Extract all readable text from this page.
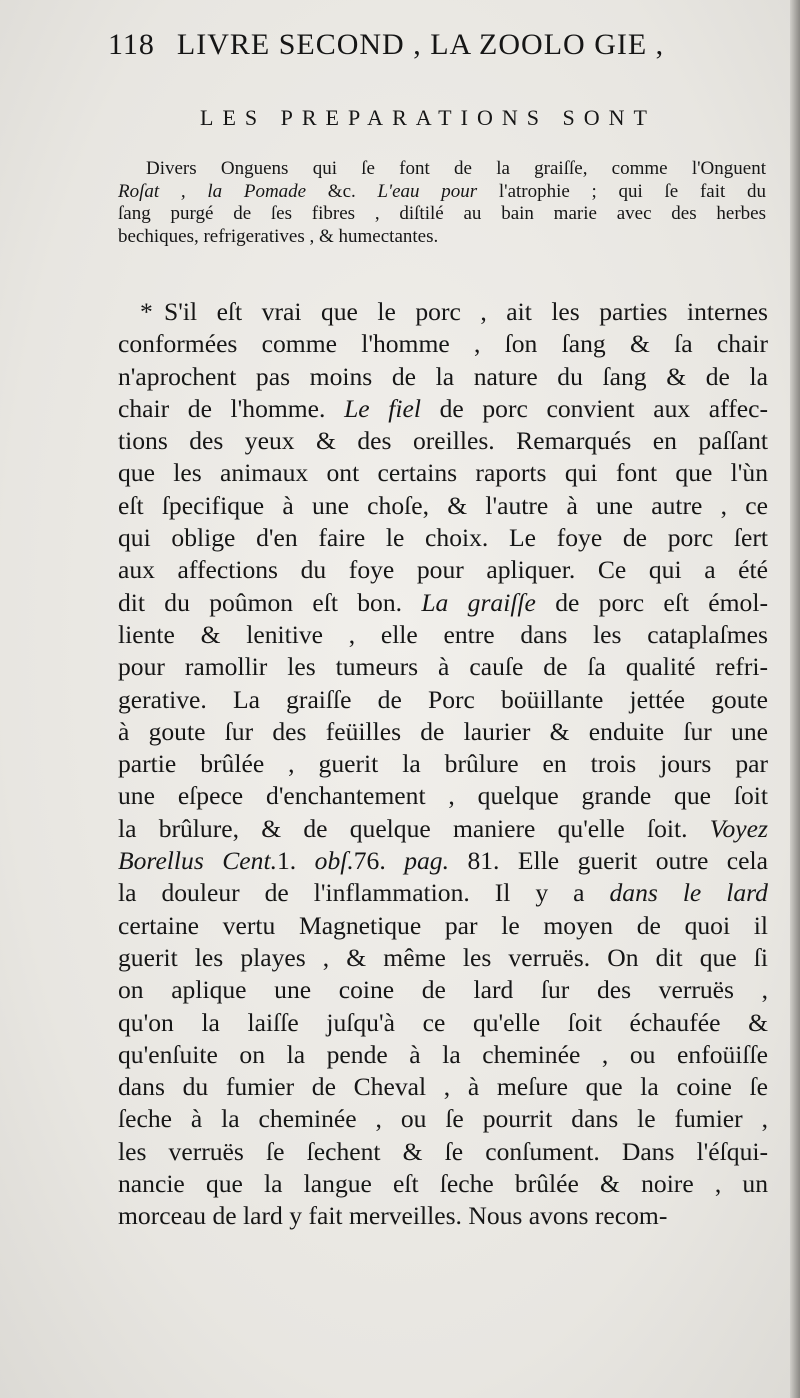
118 LIVRE SECOND , LA ZOOLO GIE ,
LES PREPARATIONS SONT
Divers Onguens qui ſe font de la graiſſe, comme l'Onguent
Roſat , la Pomade &c. L'eau pour l'atrophie ; qui ſe fait du
ſang purgé de ſes fibres , diſtilé au bain marie avec des herbes
bechiques, refrigeratives , & humectantes.
* S'il eſt vrai que le porc , ait les parties internes
conformées comme l'homme , ſon ſang & ſa chair
n'aprochent pas moins de la nature du ſang & de la
chair de l'homme. Le fiel de porc convient aux affec-
tions des yeux & des oreilles. Remarqués en paſſant
que les animaux ont certains raports qui font que l'ùn
eſt ſpecifique à une choſe, & l'autre à une autre , ce
qui oblige d'en faire le choix. Le foye de porc ſert
aux affections du foye pour apliquer. Ce qui a été
dit du poûmon eſt bon. La graiſſe de porc eſt émol-
liente & lenitive , elle entre dans les cataplaſmes
pour ramollir les tumeurs à cauſe de ſa qualité refri-
gerative. La graiſſe de Porc boüillante jettée goute
à goute ſur des feüilles de laurier & enduite ſur une
partie brûlée , guerit la brûlure en trois jours par
une eſpece d'enchantement , quelque grande que ſoit
la brûlure, & de quelque maniere qu'elle ſoit. Voyez
Borellus Cent.1. obſ.76. pag. 81. Elle guerit outre cela
la douleur de l'inflammation. Il y a dans le lard
certaine vertu Magnetique par le moyen de quoi il
guerit les playes , & même les verruës. On dit que ſi
on aplique une coine de lard ſur des verruës ,
qu'on la laiſſe juſqu'à ce qu'elle ſoit échaufée &
qu'enſuite on la pende à la cheminée , ou enfoüiſſe
dans du fumier de Cheval , à meſure que la coine ſe
ſeche à la cheminée , ou ſe pourrit dans le fumier ,
les verruës ſe ſechent & ſe conſument. Dans l'éſqui-
nancie que la langue eſt ſeche brûlée & noire , un
morceau de lard y fait merveilles. Nous avons recom-
